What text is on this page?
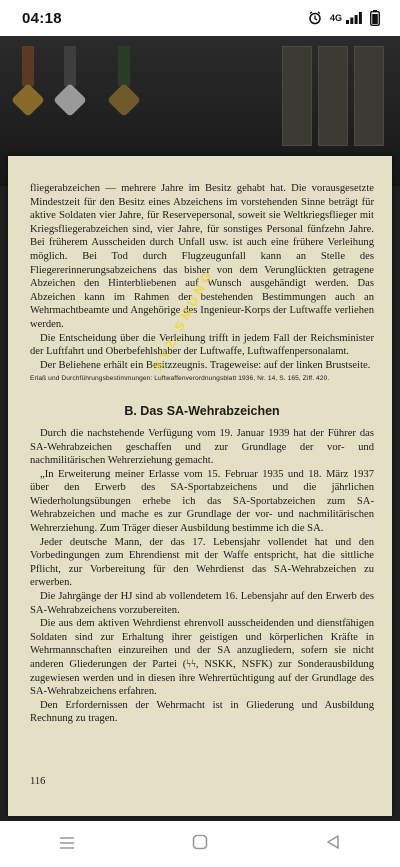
04:18	4G

fliegerabzeichen — mehrere Jahre im Besitz gehabt hat. Die vorausgesetzte Mindestzeit für den Besitz eines Abzeichens im vorstehenden Sinne beträgt für aktive Soldaten vier Jahre, für Reservepersonal, soweit sie Weltkriegsflieger mit Kriegsfliegerabzeichen sind, vier Jahre, für sonstiges Personal fünfzehn Jahre. Bei früherem Ausscheiden durch Unfall usw. ist auch eine frühere Verleihung möglich. Bei Tod durch Flugzeugunfall kann an Stelle des Fliegererinnerungsabzeichens das bisher von dem Verunglückten getragene Abzeichen den Hinterbliebenen auf Wunsch ausgehändigt werden. Das Abzeichen kann im Rahmen der bestehenden Bestimmungen auch an Wehrmachtbeamte und Angehörige des Ingenieur-Korps der Luftwaffe verliehen werden.

Die Entscheidung über die Verleihung trifft in jedem Fall der Reichsminister der Luftfahrt und Oberbefehlshaber der Luftwaffe, Luftwaffenpersonalamt.

Der Beliehene erhält ein Besitzzeugnis. Trageweise: auf der linken Brustseite.

Erlaß und Durchführungsbestimmungen: Luftwaffenverordnungsblatt 1936, Nr. 14, S. 165, Ziff. 420.

B. Das SA-Wehrabzeichen

Durch die nachstehende Verfügung vom 19. Januar 1939 hat der Führer das SA-Wehrabzeichen geschaffen und zur Grundlage der vor- und nachmilitärischen Wehrerziehung gemacht.

„In Erweiterung meiner Erlasse vom 15. Februar 1935 und 18. März 1937 über den Erwerb des SA-Sportabzeichens und die jährlichen Wiederholungsübungen erhebe ich das SA-Sportabzeichen zum SA-Wehrabzeichen und mache es zur Grundlage der vor- und nachmilitärischen Wehrerziehung. Zum Träger dieser Ausbildung bestimme ich die SA.

Jeder deutsche Mann, der das 17. Lebensjahr vollendet hat und den Vorbedingungen zum Ehrendienst mit der Waffe entspricht, hat die sittliche Pflicht, zur Vorbereitung für den Wehrdienst das SA-Wehrabzeichen zu erwerben.

Die Jahrgänge der HJ sind ab vollendetem 16. Lebensjahr auf den Erwerb des SA-Wehrabzeichens vorzubereiten.

Die aus dem aktiven Wehrdienst ehrenvoll ausscheidenden und dienstfähigen Soldaten sind zur Erhaltung ihrer geistigen und körperlichen Kräfte in Wehrmannschaften einzureihen und der SA anzugliedern, sofern sie nicht anderen Gliederungen der Partei (ϟϟ, NSKK, NSFK) zur Sonderausbildung zugewiesen werden und in diesen ihre Wehrertüchtigung auf der Grundlage des SA-Wehrabzeichens erfahren.

Den Erfordernissen der Wehrmacht ist in Gliederung und Ausbildung Rechnung zu tragen.

116
XYZ.SMUNG
